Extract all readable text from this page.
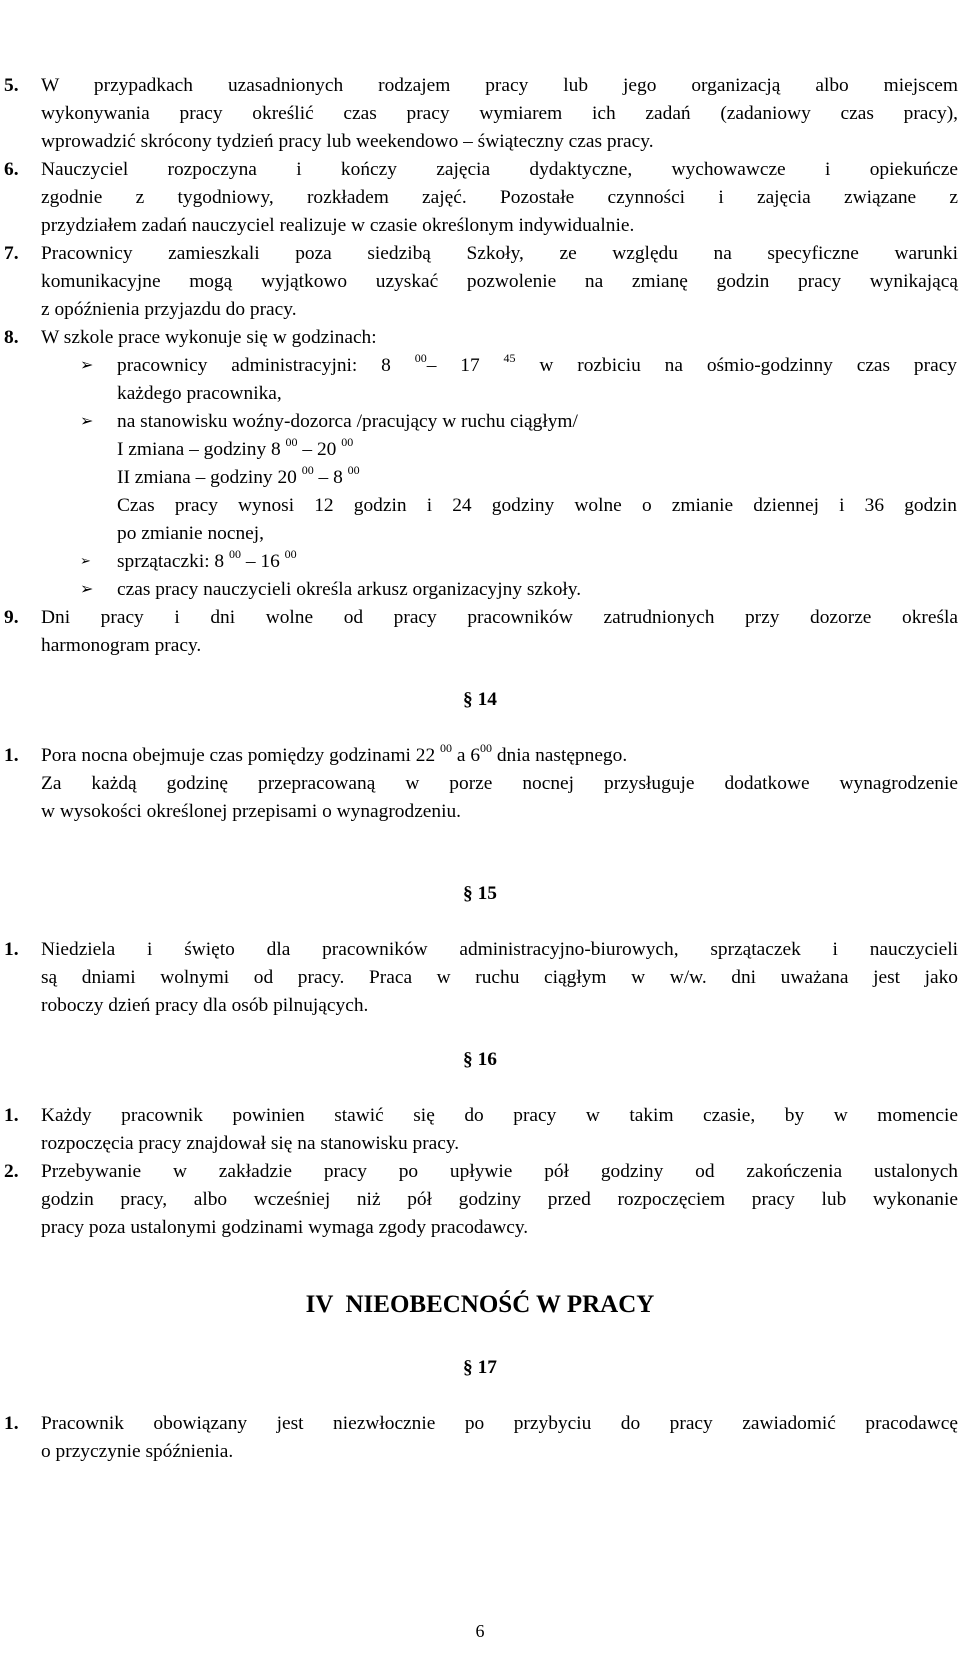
5. W przypadkach uzasadnionych rodzajem pracy lub jego organizacją albo miejscem
wykonywania pracy określić czas pracy wymiarem ich zadań (zadaniowy czas pracy),
wprowadzić skrócony tydzień pracy lub weekendowo – świąteczny czas pracy.
6. Nauczyciel rozpoczyna i kończy zajęcia dydaktyczne, wychowawcze i opiekuńcze
zgodnie z tygodniowy, rozkładem zajęć. Pozostałe czynności i zajęcia związane z
przydziałem zadań nauczyciel realizuje w czasie określonym indywidualnie.
7. Pracownicy zamieszkali poza siedzibą Szkoły, ze względu na specyficzne warunki
komunikacyjne mogą wyjątkowo uzyskać pozwolenie na zmianę godzin pracy wynikającą
z opóźnienia przyjazdu do pracy.
8. W szkole prace wykonuje się w godzinach:
➢ pracownicy administracyjni: 8 $^{00}$– 17 $^{45}$ w rozbiciu na ośmio-godzinny czas pracy
każdego pracownika,
➢ na stanowisku woźny-dozorca /pracujący w ruchu ciągłym/
I zmiana – godziny 8 $^{00}$ – 20 $^{00}$
II zmiana – godziny 20 $^{00}$ – 8 $^{00}$
Czas pracy wynosi 12 godzin i 24 godziny wolne o zmianie dziennej i 36 godzin
po zmianie nocnej,
➢ sprzątaczki: 8 $^{00}$ – 16 $^{00}$
➢ czas pracy nauczycieli określa arkusz organizacyjny szkoły.
9. Dni pracy i dni wolne od pracy pracowników zatrudnionych przy dozorze określa
harmonogram pracy.
§ 14
1. Pora nocna obejmuje czas pomiędzy godzinami 22 $^{00}$ a $6^{00}$ dnia następnego.
Za każdą godzinę przepracowaną w porze nocnej przysługuje dodatkowe wynagrodzenie
w wysokości określonej przepisami o wynagrodzeniu.
§ 15
1. Niedziela i święto dla pracowników administracyjno-biurowych, sprzątaczek i nauczycieli
są dniami wolnymi od pracy. Praca w ruchu ciągłym w w/w. dni uważana jest jako
roboczy dzień pracy dla osób pilnujących.
§ 16
1. Każdy pracownik powinien stawić się do pracy w takim czasie, by w momencie
rozpoczęcia pracy znajdował się na stanowisku pracy.
2. Przebywanie w zakładzie pracy po upływie pół godziny od zakończenia ustalonych
godzin pracy, albo wcześniej niż pół godziny przed rozpoczęciem pracy lub wykonanie
pracy poza ustalonymi godzinami wymaga zgody pracodawcy.
IV  NIEOBECNOŚĆ W PRACY
§ 17
1. Pracownik obowiązany jest niezwłocznie po przybyciu do pracy zawiadomić pracodawcę
o przyczynie spóźnienia.
6
